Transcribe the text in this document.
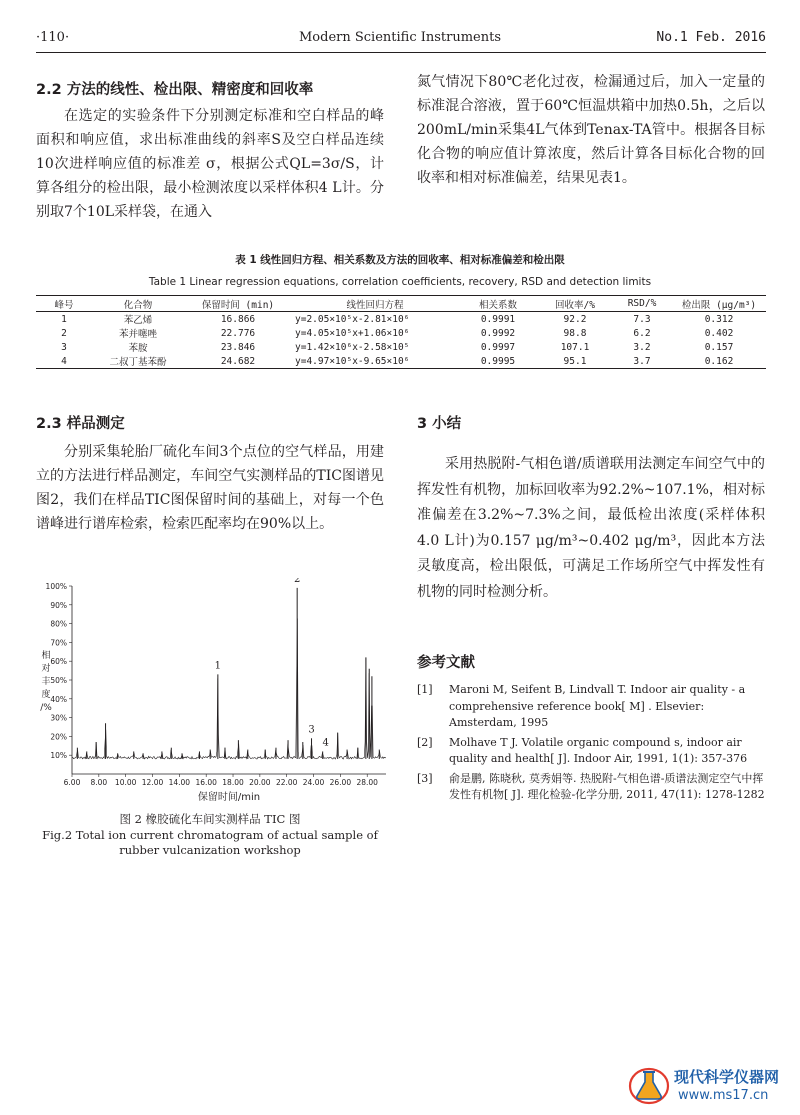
·110·	Modern Scientific Instruments	No.1 Feb. 2016
2.2 方法的线性、检出限、精密度和回收率

在选定的实验条件下分别测定标准和空白样品的峰面积和响应值，求出标准曲线的斜率S及空白样品连续10次进样响应值的标准差 σ，根据公式QL=3σ/S，计算各组分的检出限，最小检测浓度以采样体积4 L计。分别取7个10L采样袋，在通入

氮气情况下80℃老化过夜，检漏通过后，加入一定量的标准混合溶液，置于60℃恒温烘箱中加热0.5h，之后以200mL/min采集4L气体到Tenax-TA管中。根据各目标化合物的响应值计算浓度，然后计算各目标化合物的回收率和相对标准偏差，结果见表1。

表 1 线性回归方程、相关系数及方法的回收率、相对标准偏差和检出限
Table 1 Linear regression equations, correlation coefficients, recovery, RSD and detection limits
峰号	化合物	保留时间 (min)	线性回归方程	相关系数	回收率/%	RSD/%	检出限 (μg/m³)
1	苯乙烯	16.866	y=2.05×10⁵x-2.81×10⁶	0.9991	92.2	7.3	0.312
2	苯并噻唑	22.776	y=4.05×10⁵x+1.06×10⁶	0.9992	98.8	6.2	0.402
3	苯胺	23.846	y=1.42×10⁶x-2.58×10⁵	0.9997	107.1	3.2	0.157
4	二叔丁基苯酚	24.682	y=4.97×10⁵x-9.65×10⁶	0.9995	95.1	3.7	0.162
2.3 样品测定

分别采集轮胎厂硫化车间3个点位的空气样品，用建立的方法进行样品测定，车间空气实测样品的TIC图谱见图2，我们在样品TIC图保留时间的基础上，对每一个色谱峰进行谱库检索，检索匹配率均在90%以上。

相
对
丰
度
/%
10%
20%
30%
40%
50%
60%
70%
80%
90%
100%
6.00 8.00 10.00 12.00 14.00 16.00 18.00 20.00 22.00 24.00 26.00 28.00
1
2
3
4
保留时间/min
图 2 橡胶硫化车间实测样品 TIC 图
Fig.2 Total ion current chromatogram of actual sample of rubber vulcanization workshop
3 小结

采用热脱附-气相色谱/质谱联用法测定车间空气中的挥发性有机物，加标回收率为92.2%~107.1%，相对标准偏差在3.2%~7.3%之间，最低检出浓度(采样体积4.0 L计)为0.157 μg/m³~0.402 μg/m³，因此本方法灵敏度高，检出限低，可满足工作场所空气中挥发性有机物的同时检测分析。

参考文献
[1] Maroni M, Seifent B, Lindvall T. Indoor air quality - a comprehensive reference book[ M] . Elsevier: Amsterdam, 1995
[2] Molhave T J. Volatile organic compound s, indoor air quality and health[ J]. Indoor Air, 1991, 1(1): 357-376
[3] 俞是鹏, 陈晓秋, 莫秀娟等. 热脱附-气相色谱-质谱法测定空气中挥发性有机物[ J]. 理化检验-化学分册, 2011, 47(11): 1278-1282
现代科学仪器网
www.ms17.cn
